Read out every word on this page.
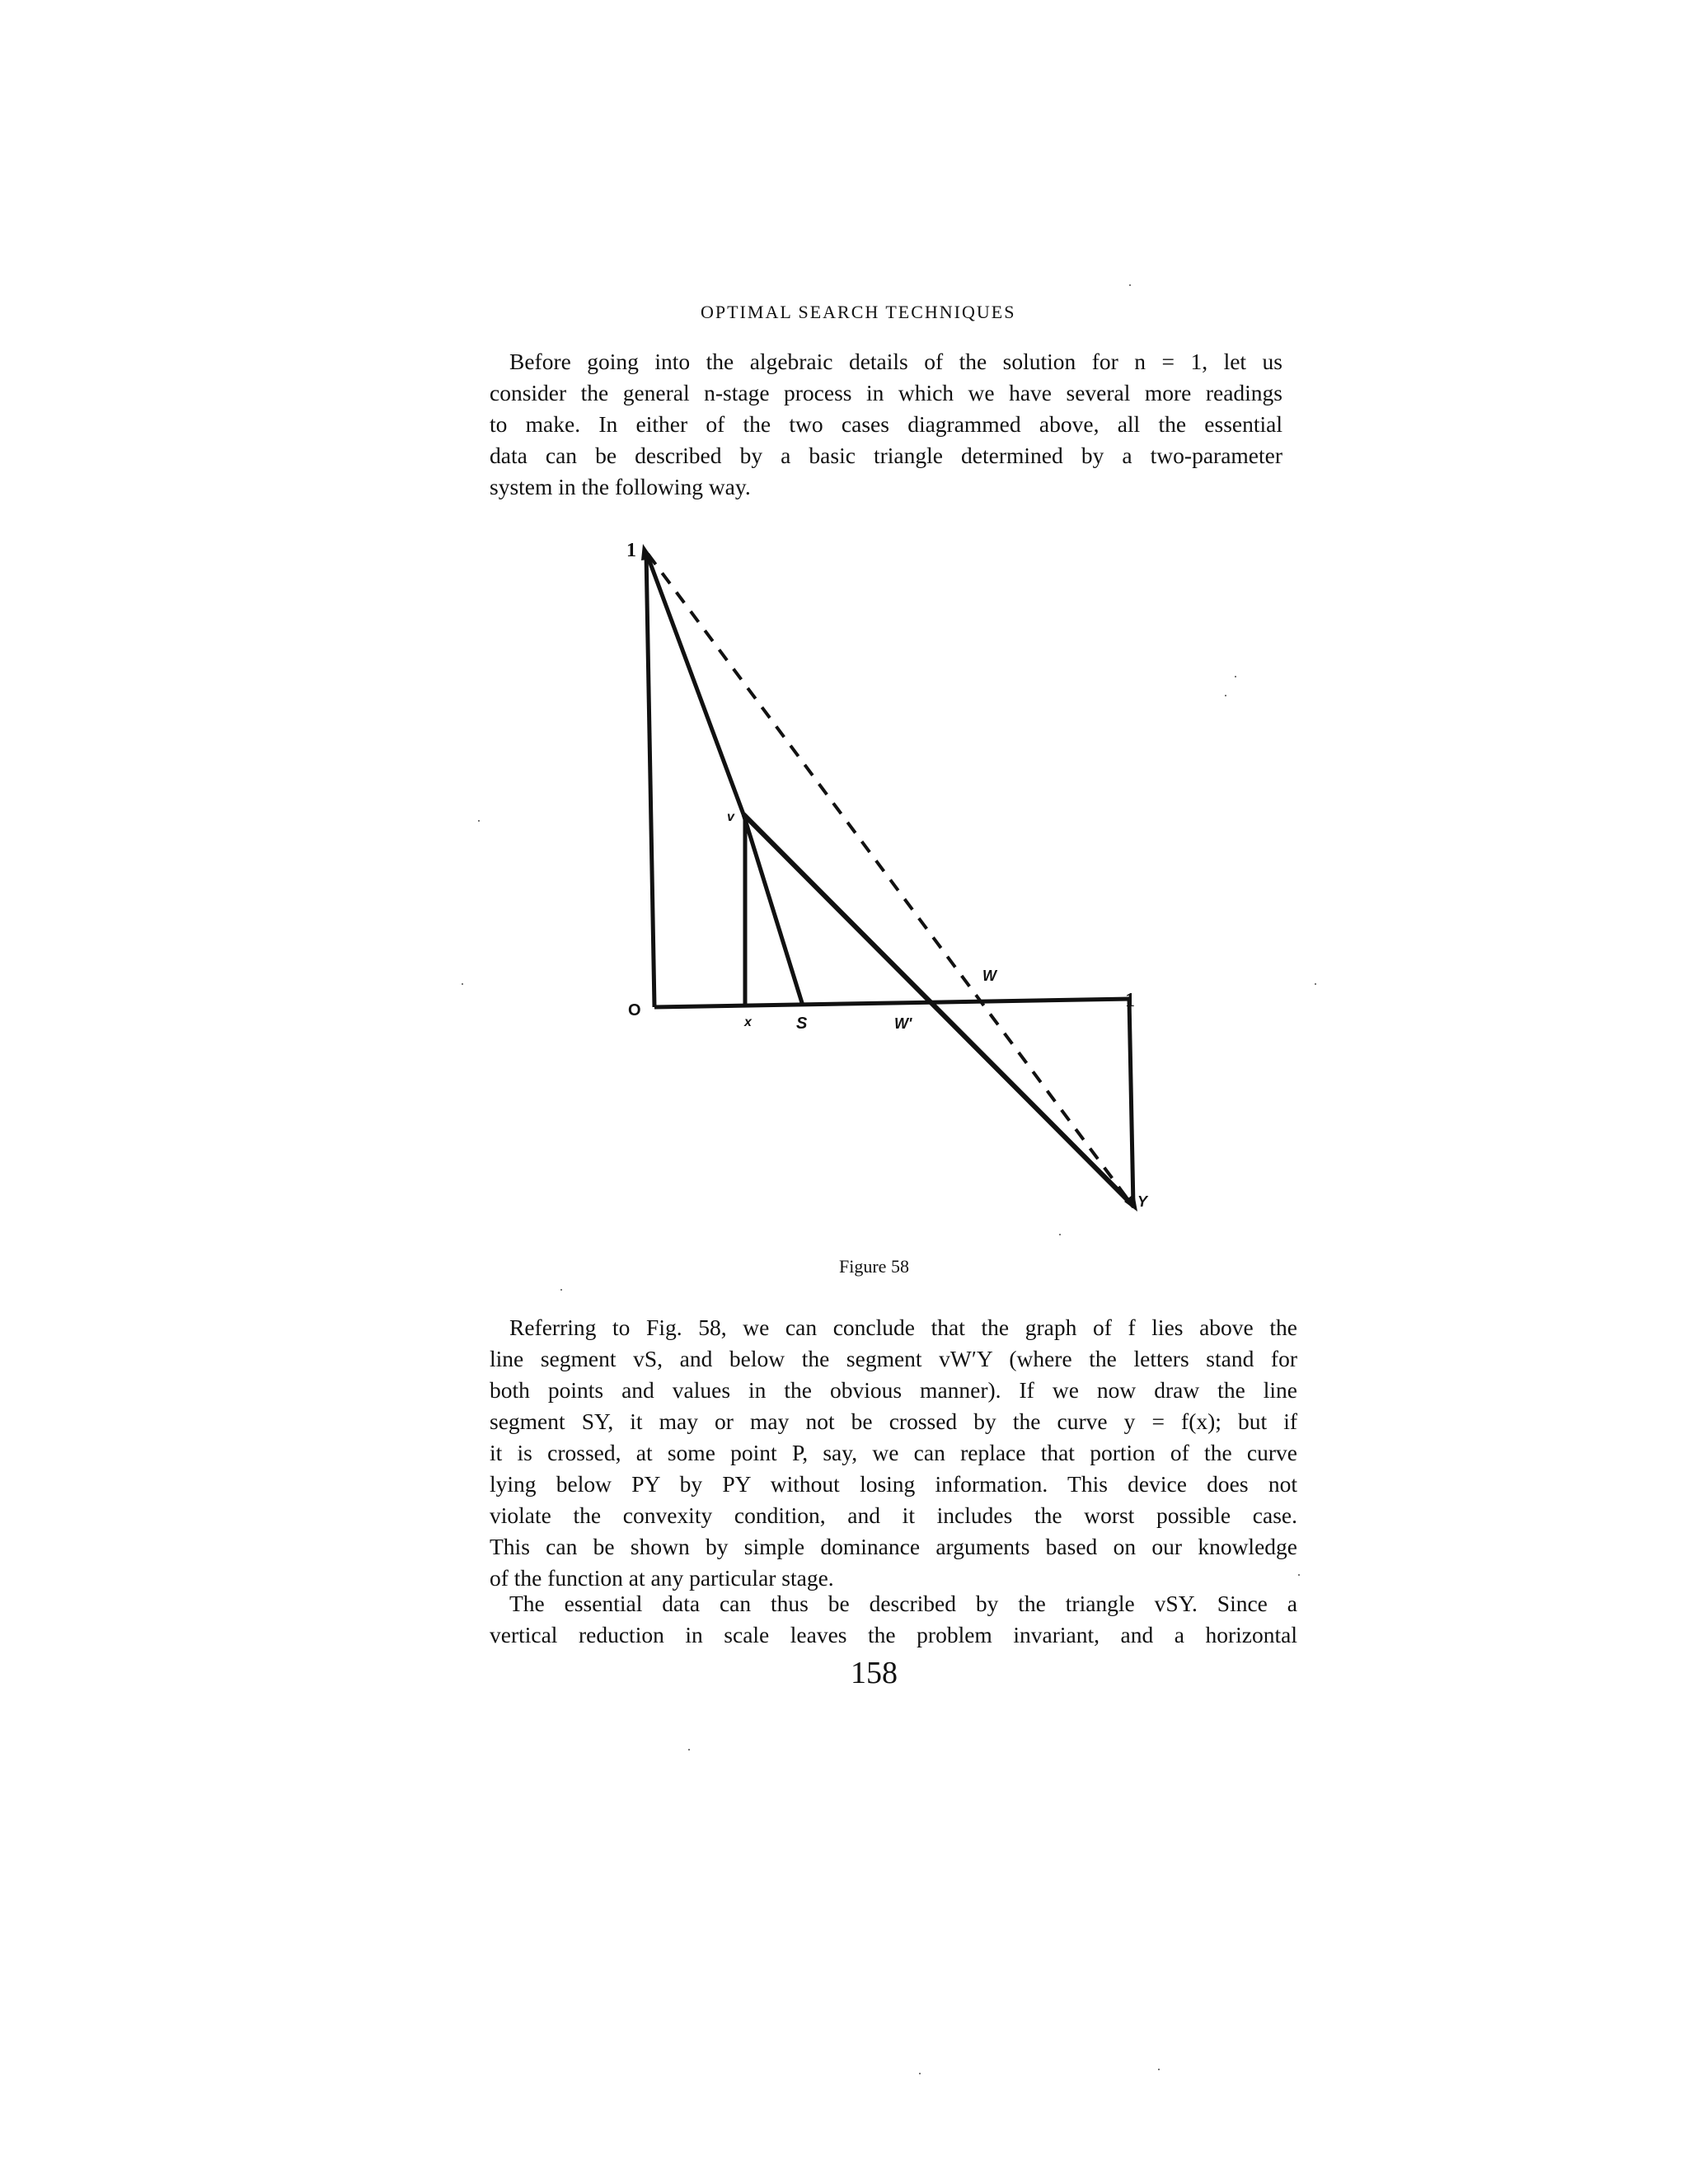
OPTIMAL SEARCH TECHNIQUES

Before going into the algebraic details of the solution for n = 1, let us
consider the general n-stage process in which we have several more readings
to make. In either of the two cases diagrammed above, all the essential
data can be described by a basic triangle determined by a two-parameter
system in the following way.

1
v
O
x	S	W'
W
1
Y
Figure 58

Referring to Fig. 58, we can conclude that the graph of f lies above the
line segment vS, and below the segment vW′Y (where the letters stand for
both points and values in the obvious manner). If we now draw the line
segment SY, it may or may not be crossed by the curve y = f(x); but if
it is crossed, at some point P, say, we can replace that portion of the curve
lying below PY by PY without losing information. This device does not
violate the convexity condition, and it includes the worst possible case.
This can be shown by simple dominance arguments based on our knowledge
of the function at any particular stage.

The essential data can thus be described by the triangle vSY. Since a
vertical reduction in scale leaves the problem invariant, and a horizontal

158
